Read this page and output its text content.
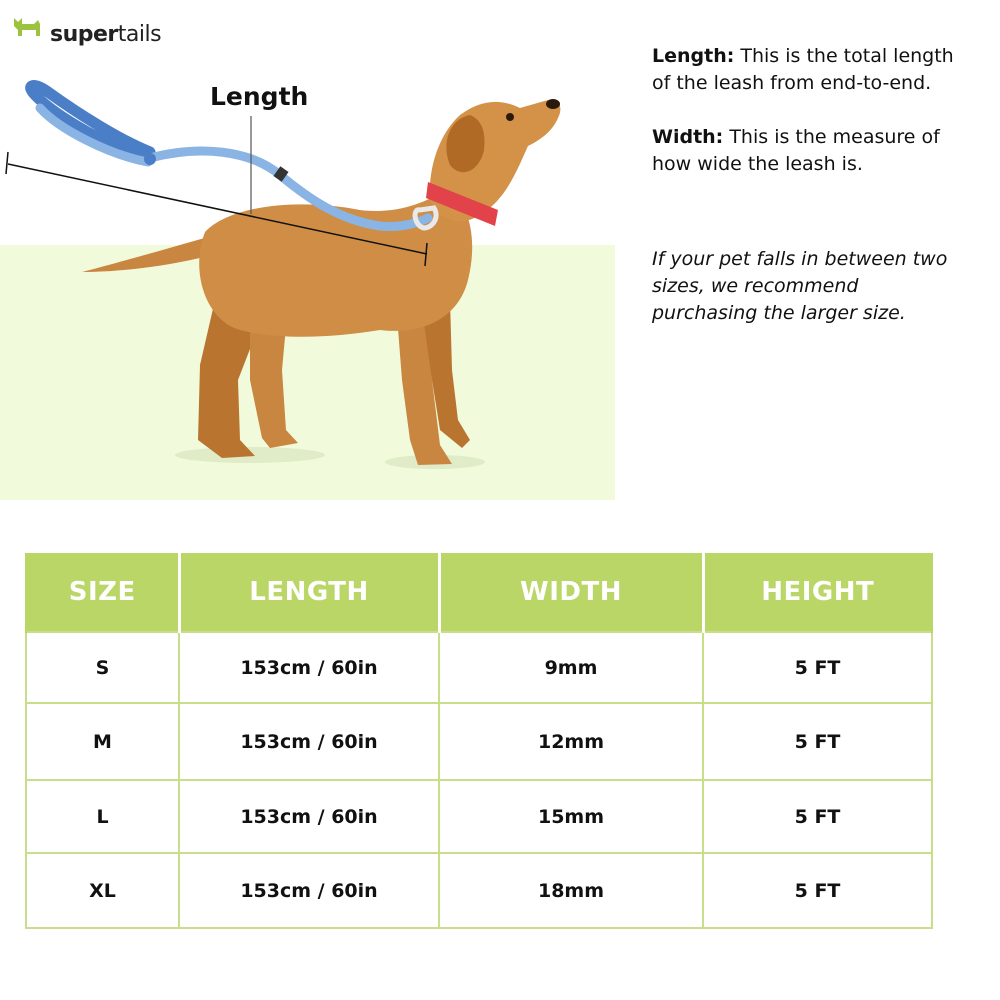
supertails
Length
Length: This is the total length of the leash from end-to-end.
Width: This is the measure of how wide the leash is.
If your pet falls in between two sizes, we recommend purchasing the larger size.
SIZE	LENGTH	WIDTH	HEIGHT
S	153cm / 60in	9mm	5 FT
M	153cm / 60in	12mm	5 FT
L	153cm / 60in	15mm	5 FT
XL	153cm / 60in	18mm	5 FT
